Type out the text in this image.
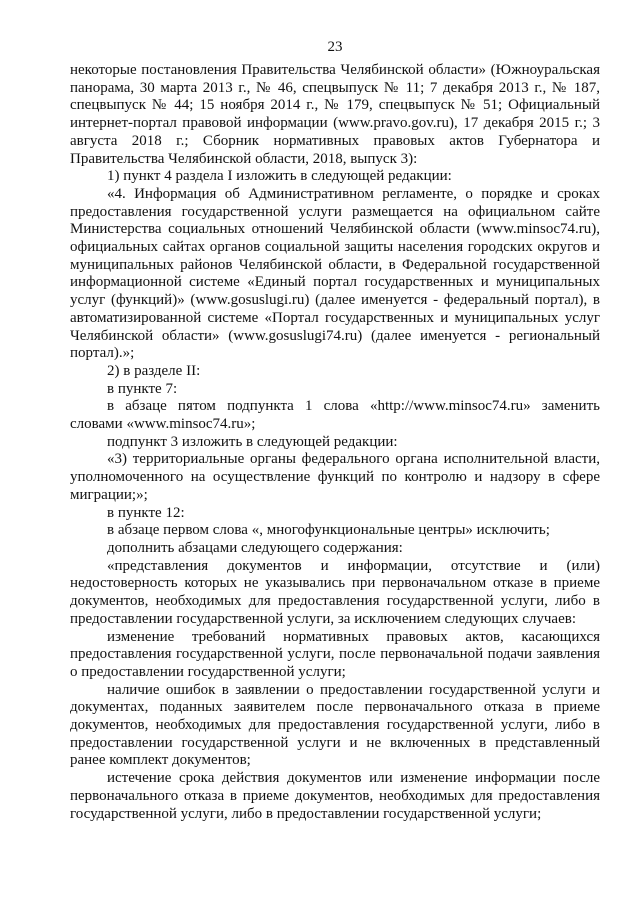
23

некоторые постановления Правительства Челябинской области» (Южноуральская панорама, 30 марта 2013 г., № 46, спецвыпуск № 11; 7 декабря 2013 г., № 187, спецвыпуск № 44; 15 ноября 2014 г., № 179, спецвыпуск № 51; Официальный интернет-портал правовой информации (www.pravo.gov.ru), 17 декабря 2015 г.; 3 августа 2018 г.; Сборник нормативных правовых актов Губернатора и Правительства Челябинской области, 2018, выпуск 3):

1) пункт 4 раздела I изложить в следующей редакции:

«4. Информация об Административном регламенте, о порядке и сроках предоставления государственной услуги размещается на официальном сайте Министерства социальных отношений Челябинской области (www.minsoc74.ru), официальных сайтах органов социальной защиты населения городских округов и муниципальных районов Челябинской области, в Федеральной государственной информационной системе «Единый портал государственных и муниципальных услуг (функций)» (www.gosuslugi.ru) (далее именуется - федеральный портал), в автоматизированной системе «Портал государственных и муниципальных услуг Челябинской области» (www.gosuslugi74.ru) (далее именуется - региональный портал).»;

2) в разделе II:

в пункте 7:

в абзаце пятом подпункта 1 слова «http://www.minsoc74.ru» заменить словами «www.minsoc74.ru»;

подпункт 3 изложить в следующей редакции:

«3) территориальные органы федерального органа исполнительной власти, уполномоченного на осуществление функций по контролю и надзору в сфере миграции;»;

в пункте 12:

в абзаце первом слова «, многофункциональные центры» исключить;

дополнить абзацами следующего содержания:

«представления документов и информации, отсутствие и (или) недостоверность которых не указывались при первоначальном отказе в приеме документов, необходимых для предоставления государственной услуги, либо в предоставлении государственной услуги, за исключением следующих случаев:

изменение требований нормативных правовых актов, касающихся предоставления государственной услуги, после первоначальной подачи заявления о предоставлении государственной услуги;

наличие ошибок в заявлении о предоставлении государственной услуги и документах, поданных заявителем после первоначального отказа в приеме документов, необходимых для предоставления государственной услуги, либо в предоставлении государственной услуги и не включенных в представленный ранее комплект документов;

истечение срока действия документов или изменение информации после первоначального отказа в приеме документов, необходимых для предоставления государственной услуги, либо в предоставлении государственной услуги;
